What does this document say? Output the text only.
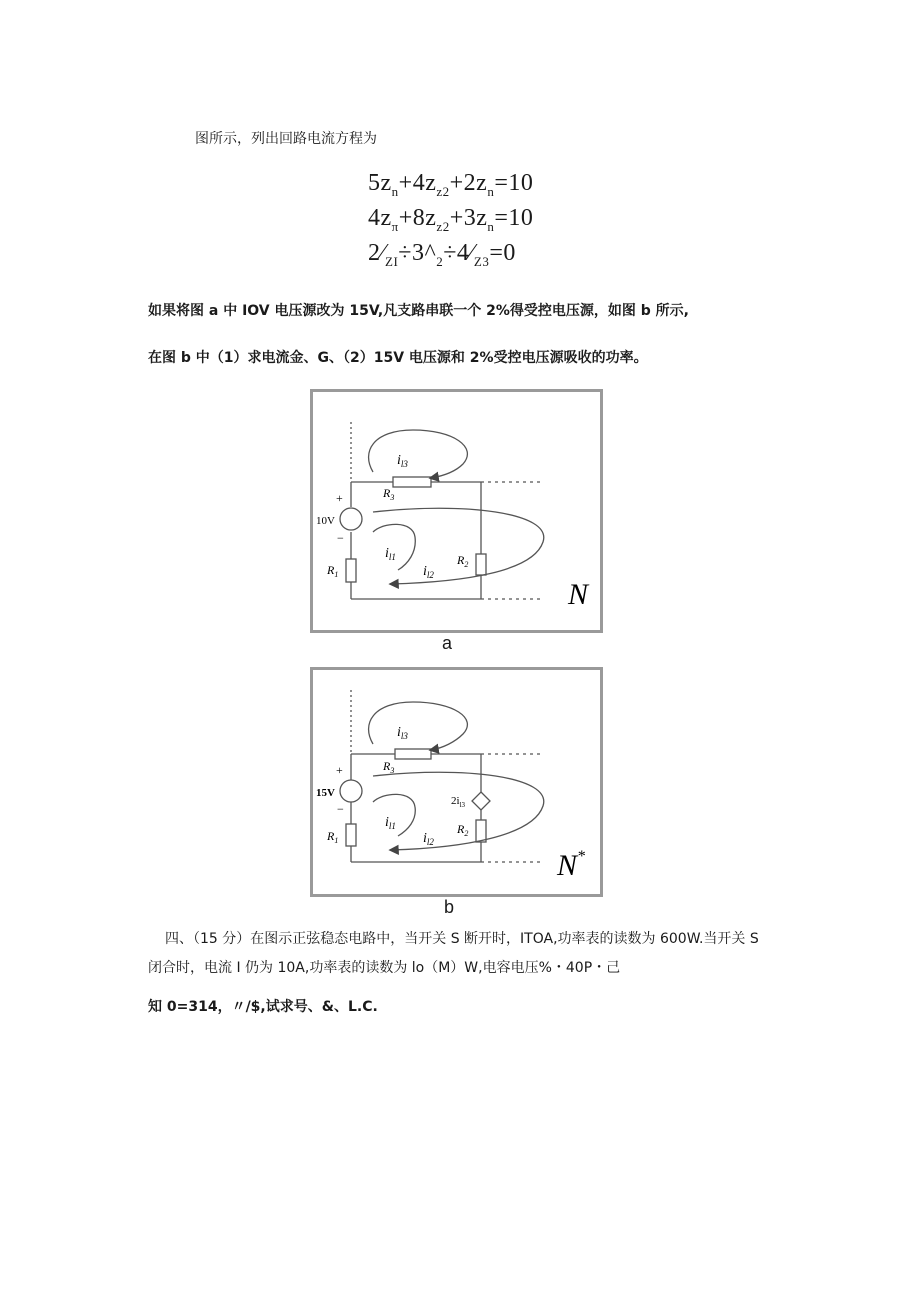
图所示，列出回路电流方程为
$5z_n+4z_{z2}+2z_n=10$
$4z_\pi+8z_{z2}+3z_n=10$
$2⁄_{ZI}\div 3\^{}_2\div 4⁄_{Z3}=0$
如果将图 a 中 IOV 电压源改为 15V,凡支路串联一个 2%得受控电压源，如图 b 所示,
在图 b 中（1）求电流金、G、（2）15V 电压源和 2%受控电压源吸收的功率。
+
−
10V
$i_{l3}$
$R_3$
$i_{l1}$
$i_{l2}$
$R_1$
$R_2$
N
a
+
−
15V
$i_{l3}$
$R_3$
$2i_{l3}$
$i_{l1}$
$i_{l2}$
$R_1$
$R_2$
N*
b
四、（15 分）在图示正弦稳态电路中，当开关 S 断开时，ITOA,功率表的读数为 600W.当开关 S
闭合时，电流 I 仍为 10A,功率表的读数为 lo（M）W,电容电压%・40P・己
知 0=314，〃/$,试求号、&、L.C.
